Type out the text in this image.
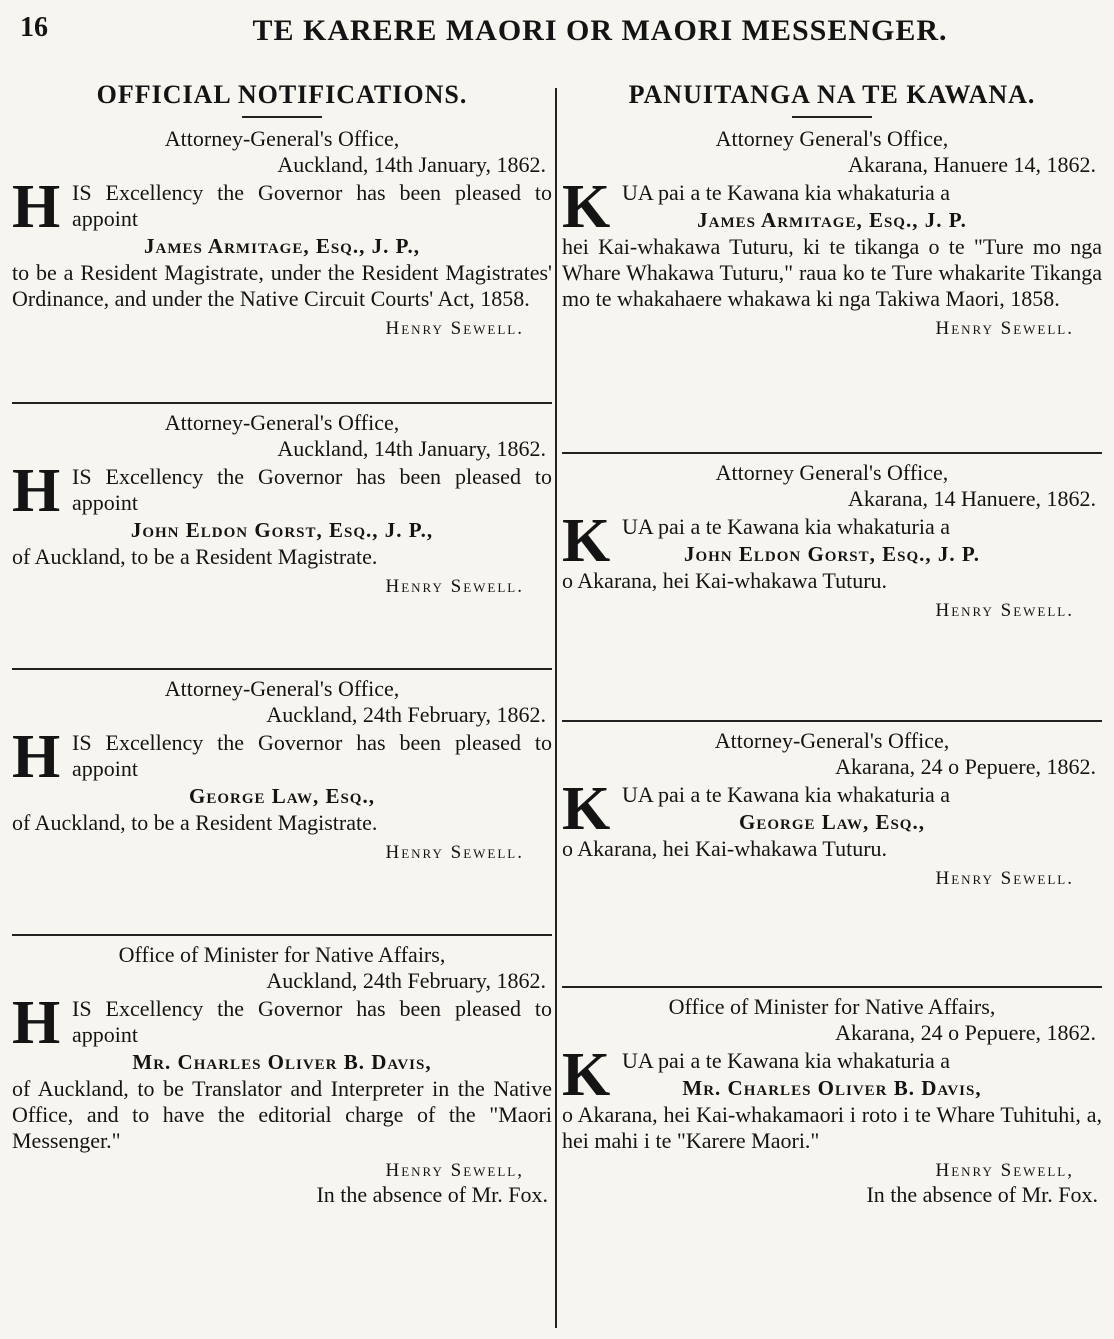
16	TE KARERE MAORI OR MAORI MESSENGER.
OFFICIAL NOTIFICATIONS.
Attorney-General's Office,
Auckland, 14th January, 1862.
H IS Excellency the Governor has been pleased to appoint
James Armitage, Esq., J. P.,
to be a Resident Magistrate, under the Resident Magistrates' Ordinance, and under the Native Circuit Courts' Act, 1858.
Henry Sewell.
Attorney-General's Office,
Auckland, 14th January, 1862.
H IS Excellency the Governor has been pleased to appoint
John Eldon Gorst, Esq., J. P.,
of Auckland, to be a Resident Magistrate.
Henry Sewell.
Attorney-General's Office,
Auckland, 24th February, 1862.
H IS Excellency the Governor has been pleased to appoint
George Law, Esq.,
of Auckland, to be a Resident Magistrate.
Henry Sewell.
Office of Minister for Native Affairs,
Auckland, 24th February, 1862.
H IS Excellency the Governor has been pleased to appoint
Mr. Charles Oliver B. Davis,
of Auckland, to be Translator and Interpreter in the Native Office, and to have the editorial charge of the "Maori Messenger."
Henry Sewell,
In the absence of Mr. Fox.
PANUITANGA NA TE KAWANA.
Attorney General's Office,
Akarana, Hanuere 14, 1862.
K UA pai a te Kawana kia whakaturia a
James Armitage, Esq., J. P.
hei Kai-whakawa Tuturu, ki te tikanga o te "Ture mo nga Whare Whakawa Tuturu," raua ko te Ture whakarite Tikanga mo te whakahaere whakawa ki nga Takiwa Maori, 1858.
Henry Sewell.
Attorney General's Office,
Akarana, 14 Hanuere, 1862.
K UA pai a te Kawana kia whakaturia a
John Eldon Gorst, Esq., J. P.
o Akarana, hei Kai-whakawa Tuturu.
Henry Sewell.
Attorney-General's Office,
Akarana, 24 o Pepuere, 1862.
K UA pai a te Kawana kia whakaturia a
George Law, Esq.,
o Akarana, hei Kai-whakawa Tuturu.
Henry Sewell.
Office of Minister for Native Affairs,
Akarana, 24 o Pepuere, 1862.
K UA pai a te Kawana kia whakaturia a
Mr. Charles Oliver B. Davis,
o Akarana, hei Kai-whakamaori i roto i te Whare Tuhituhi, a, hei mahi i te "Karere Maori."
Henry Sewell,
In the absence of Mr. Fox.
